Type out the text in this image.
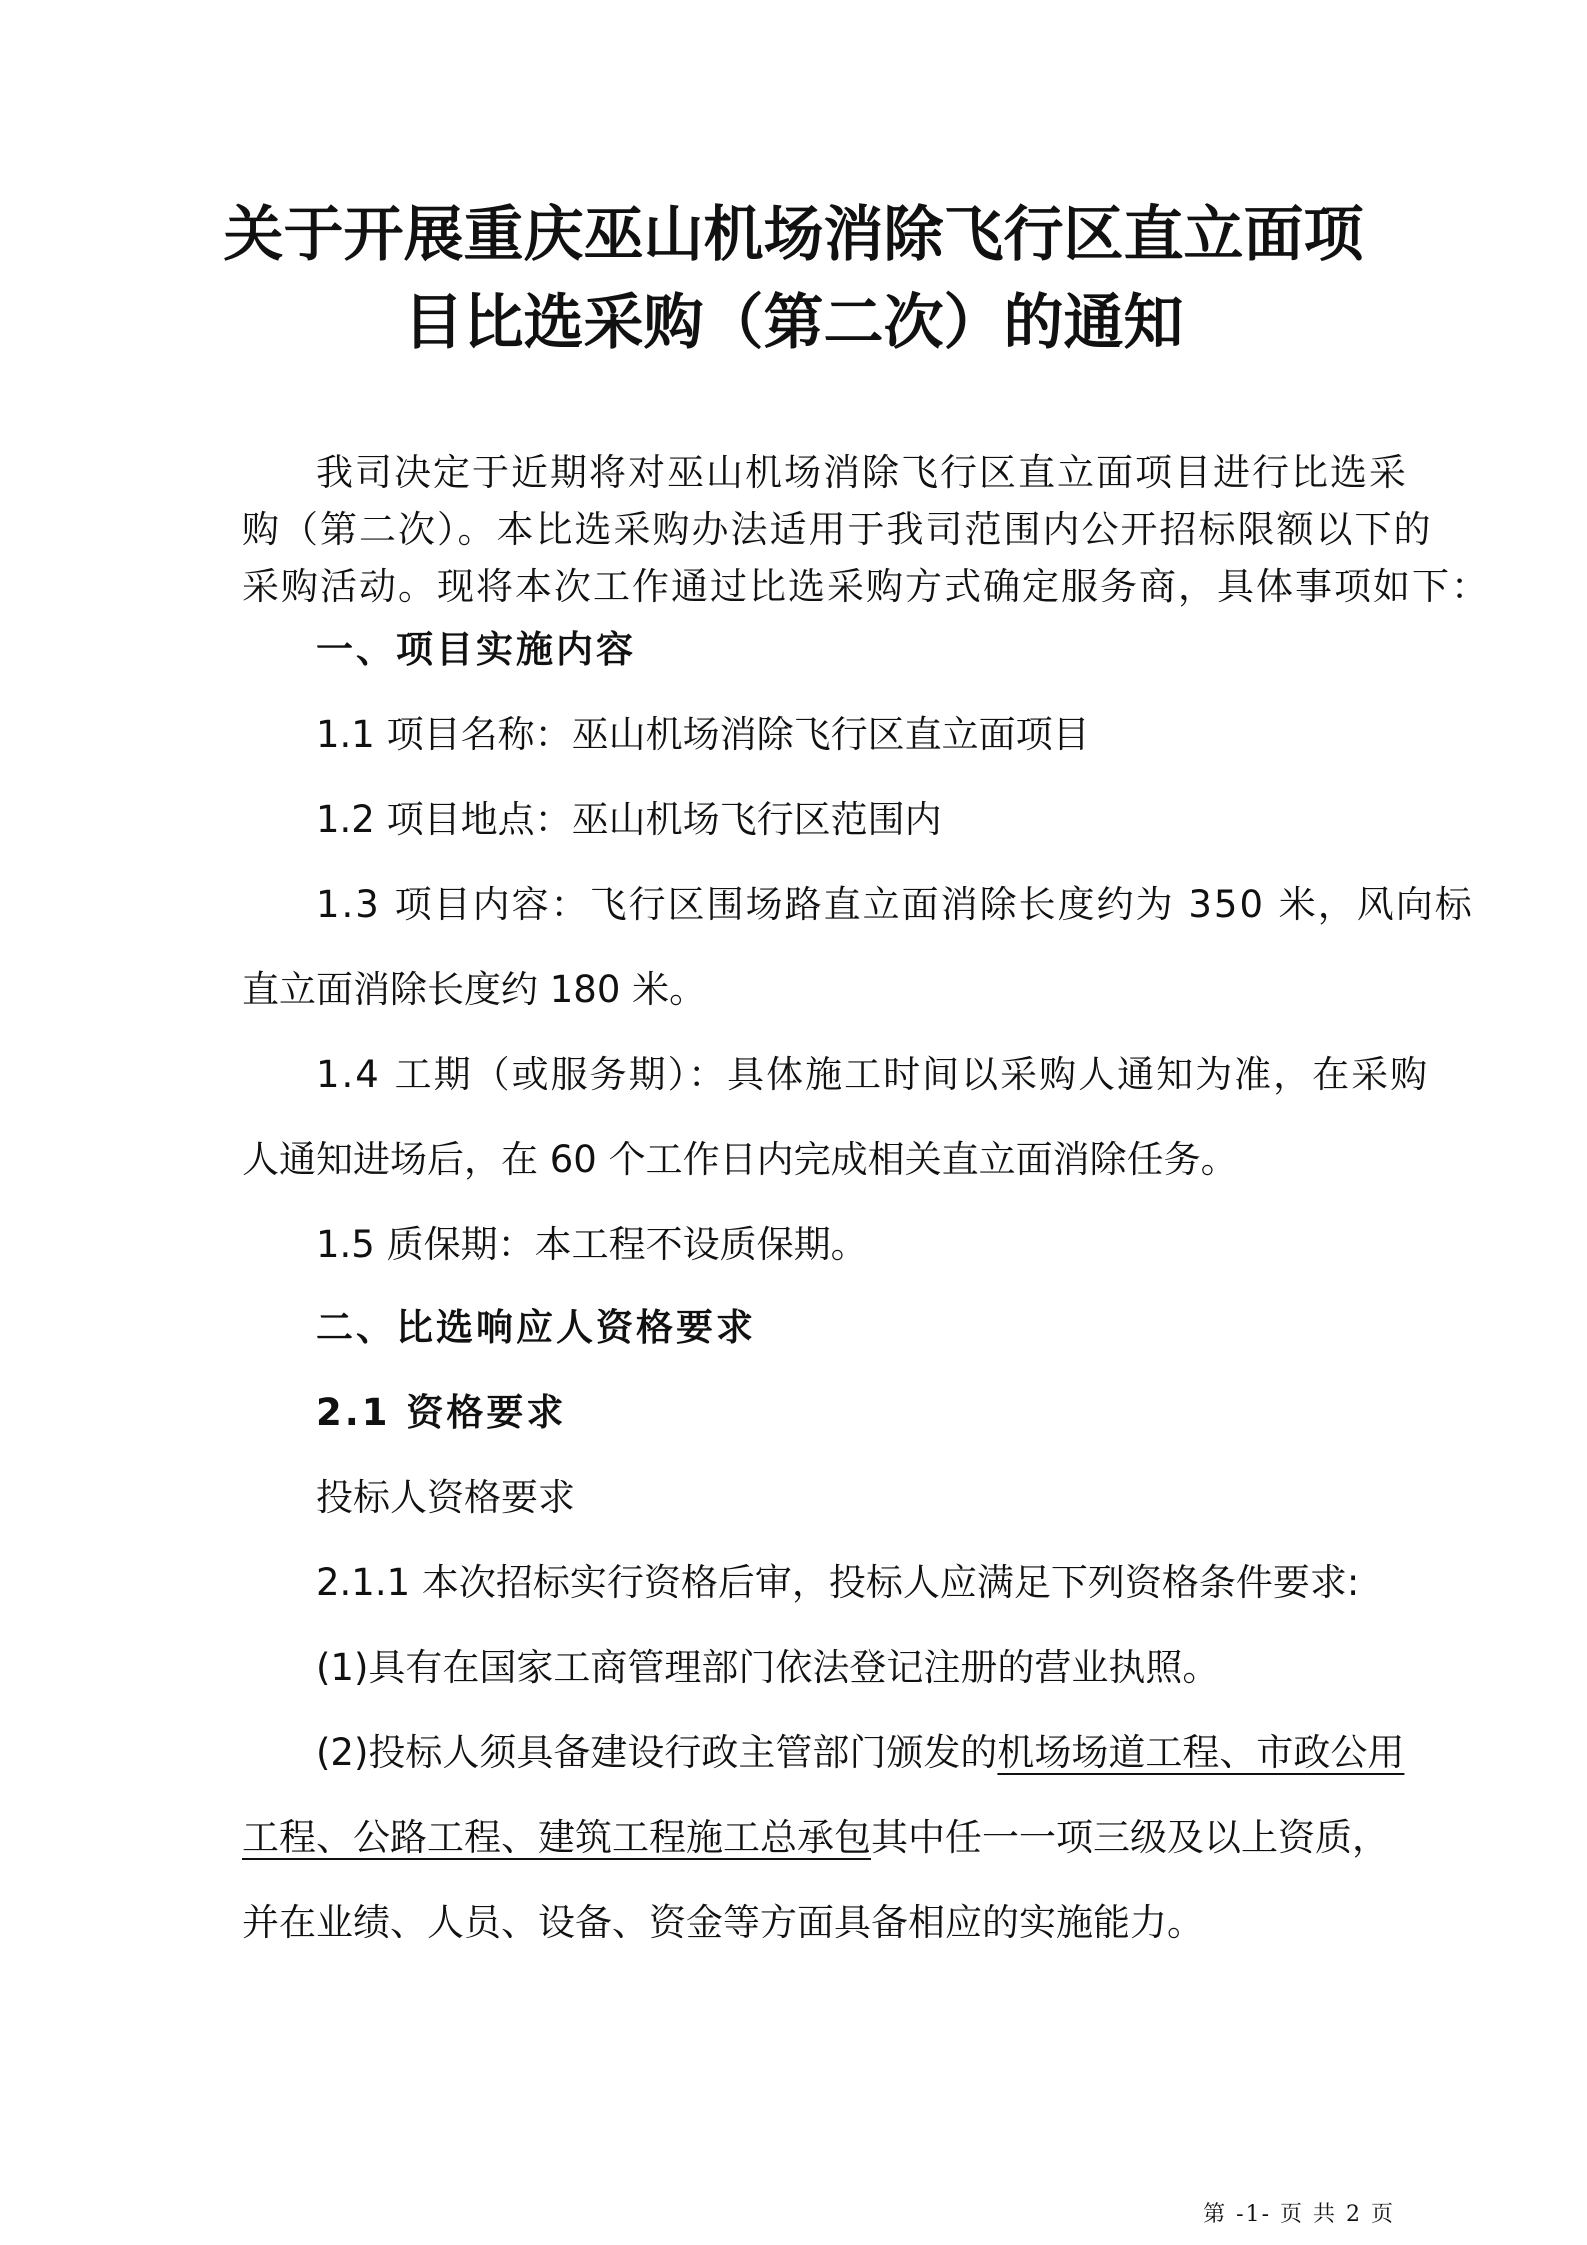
关于开展重庆巫山机场消除飞行区直立面项
目比选采购（第二次）的通知

我司决定于近期将对巫山机场消除飞行区直立面项目进行比选采

购（第二次）。本比选采购办法适用于我司范围内公开招标限额以下的

采购活动。现将本次工作通过比选采购方式确定服务商，具体事项如下：

一、项目实施内容

1.1 项目名称：巫山机场消除飞行区直立面项目

1.2 项目地点：巫山机场飞行区范围内

1.3 项目内容：飞行区围场路直立面消除长度约为 350 米，风向标

直立面消除长度约 180 米。

1.4 工期（或服务期）：具体施工时间以采购人通知为准，在采购

人通知进场后，在 60 个工作日内完成相关直立面消除任务。

1.5 质保期：本工程不设质保期。

二、比选响应人资格要求

2.1 资格要求

投标人资格要求

2.1.1 本次招标实行资格后审，投标人应满足下列资格条件要求:

(1)具有在国家工商管理部门依法登记注册的营业执照。

(2)投标人须具备建设行政主管部门颁发的机场场道工程、市政公用

工程、公路工程、建筑工程施工总承包其中任一一项三级及以上资质，

并在业绩、人员、设备、资金等方面具备相应的实施能力。

第 -1- 页 共 2 页
